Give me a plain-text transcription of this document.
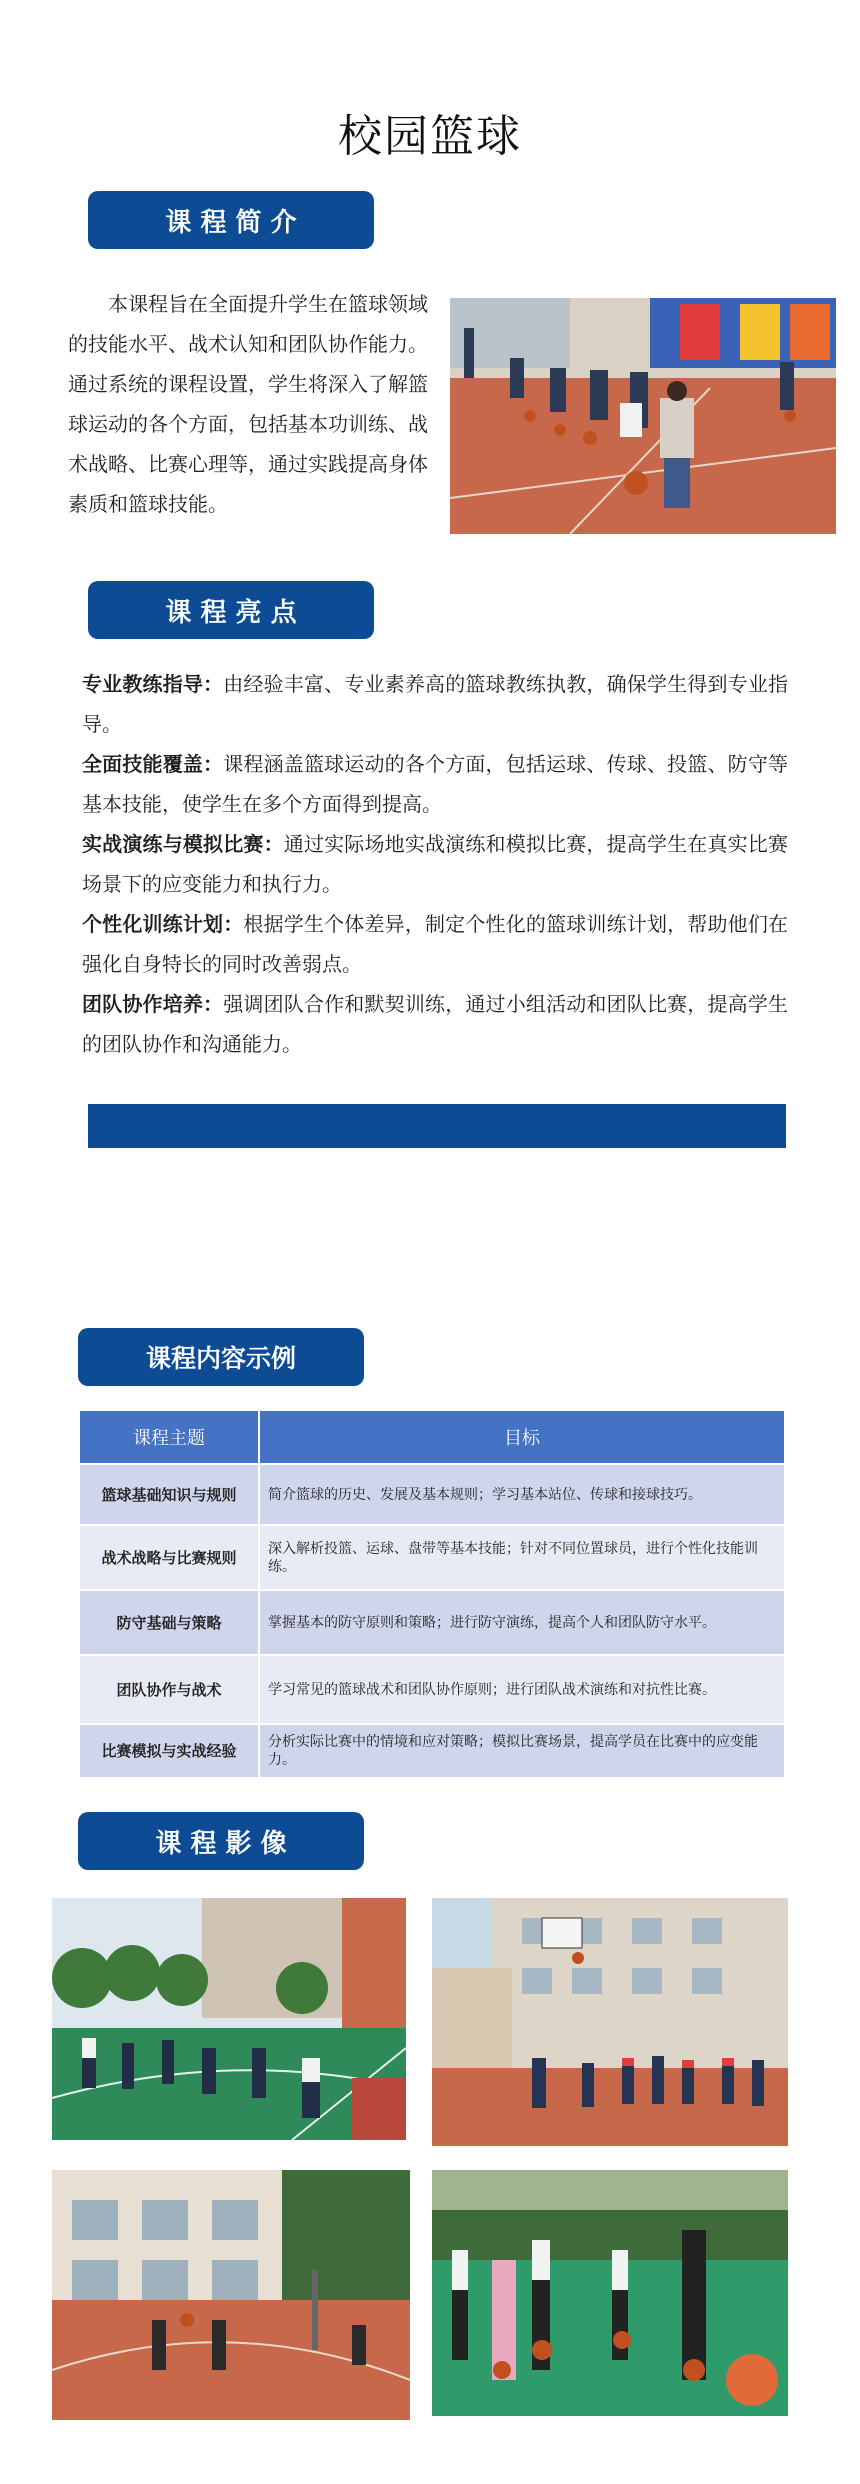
校园篮球
课 程 简 介
本课程旨在全面提升学生在篮球领域的技能水平、战术认知和团队协作能力。通过系统的课程设置，学生将深入了解篮球运动的各个方面，包括基本功训练、战术战略、比赛心理等，通过实践提高身体素质和篮球技能。
课 程 亮 点

专业教练指导：由经验丰富、专业素养高的篮球教练执教，确保学生得到专业指导。

全面技能覆盖：课程涵盖篮球运动的各个方面，包括运球、传球、投篮、防守等基本技能，使学生在多个方面得到提高。

实战演练与模拟比赛：通过实际场地实战演练和模拟比赛，提高学生在真实比赛场景下的应变能力和执行力。

个性化训练计划：根据学生个体差异，制定个性化的篮球训练计划，帮助他们在强化自身特长的同时改善弱点。

团队协作培养：强调团队合作和默契训练，通过小组活动和团队比赛，提高学生的团队协作和沟通能力。

课程内容示例
课程主题	目标
篮球基础知识与规则	简介篮球的历史、发展及基本规则；学习基本站位、传球和接球技巧。
战术战略与比赛规则	深入解析投篮、运球、盘带等基本技能；针对不同位置球员，进行个性化技能训练。
防守基础与策略	掌握基本的防守原则和策略；进行防守演练，提高个人和团队防守水平。
团队协作与战术	学习常见的篮球战术和团队协作原则；进行团队战术演练和对抗性比赛。
比赛模拟与实战经验	分析实际比赛中的情境和应对策略；模拟比赛场景，提高学员在比赛中的应变能力。
课 程 影 像
